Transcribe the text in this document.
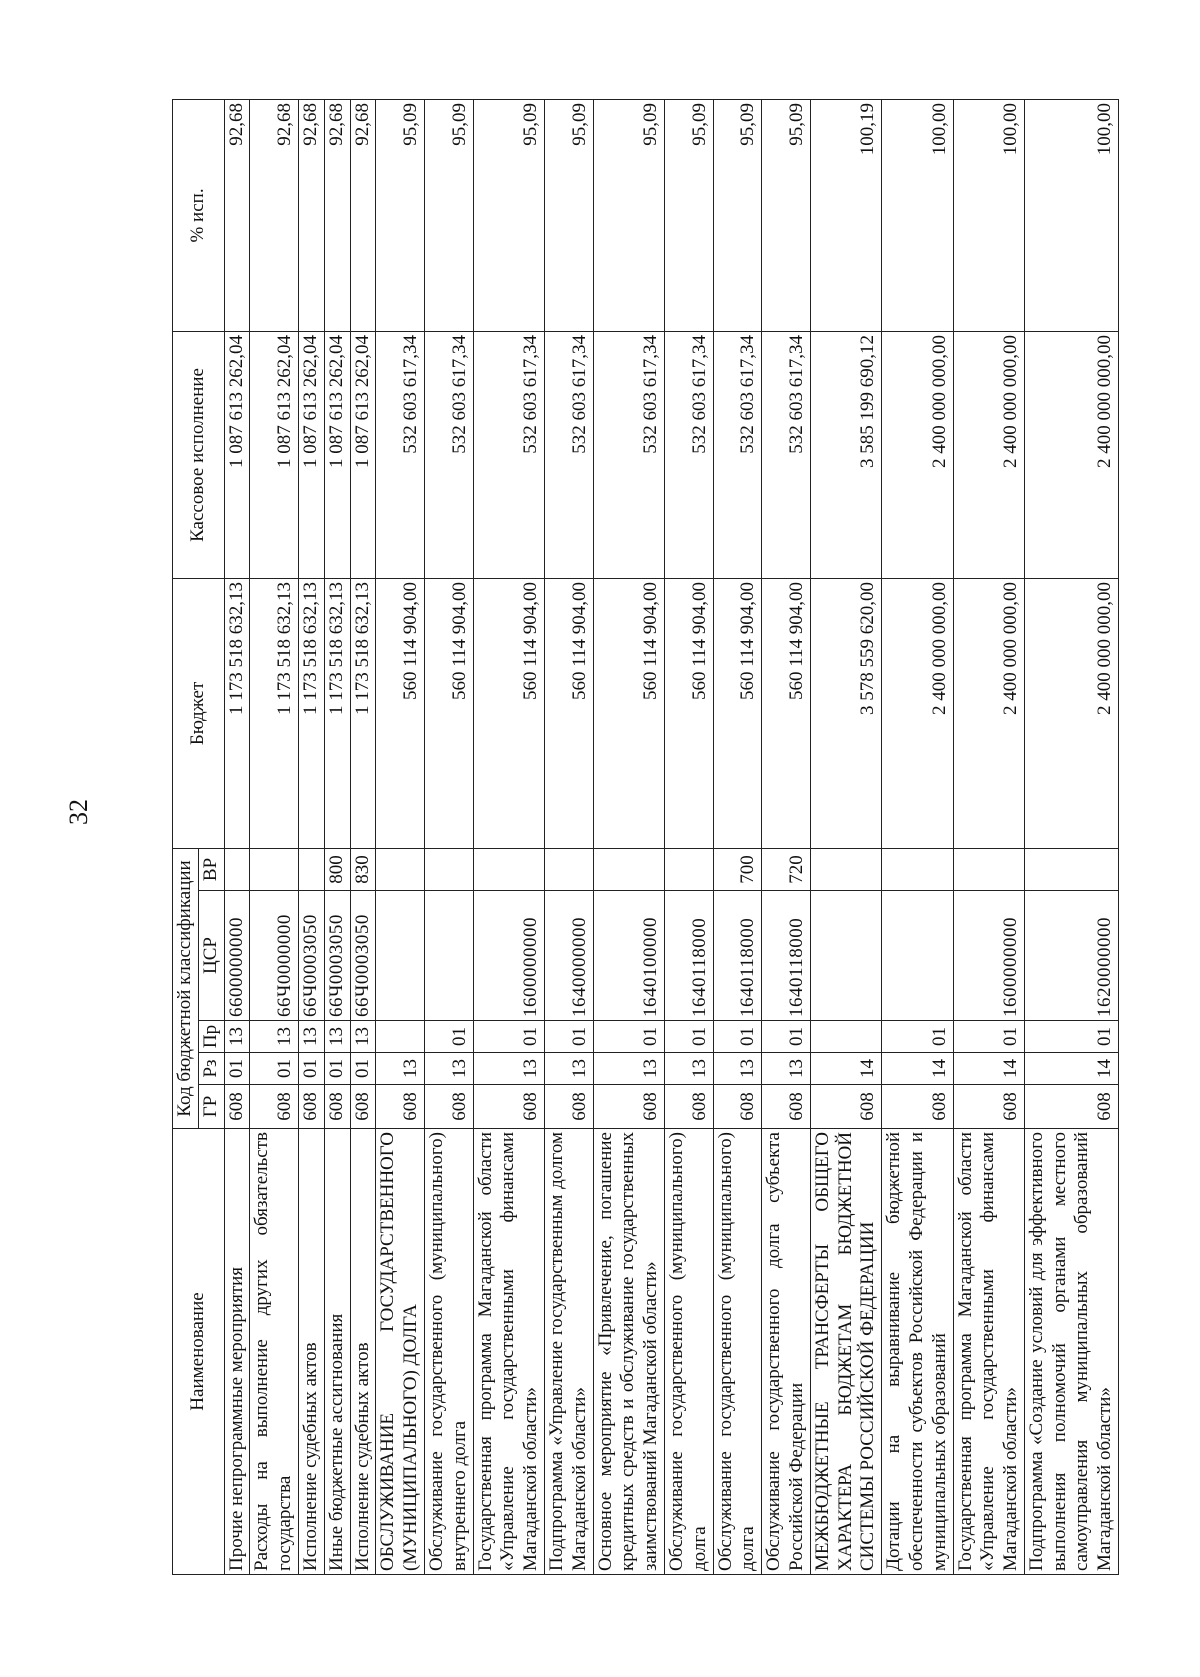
32
Наименование	Код бюджетной классификации					Бюджет	Кассовое исполнение	% исп.
	ГР	Рз	Пр	ЦСР	ВР			
Прочие непрограммные мероприятия	608	01	13	6600000000		1 173 518 632,13	1 087 613 262,04	92,68
Расходы на выполнение других обязательств государства	608	01	13	66Ч0000000		1 173 518 632,13	1 087 613 262,04	92,68
Исполнение судебных актов	608	01	13	66Ч0003050		1 173 518 632,13	1 087 613 262,04	92,68
Иные бюджетные ассигнования	608	01	13	66Ч0003050	800	1 173 518 632,13	1 087 613 262,04	92,68
Исполнение судебных актов	608	01	13	66Ч0003050	830	1 173 518 632,13	1 087 613 262,04	92,68
ОБСЛУЖИВАНИЕ ГОСУДАРСТВЕННОГО (МУНИЦИПАЛЬНОГО) ДОЛГА	608	13				560 114 904,00	532 603 617,34	95,09
Обслуживание государственного (муниципального) внутреннего долга	608	13	01			560 114 904,00	532 603 617,34	95,09
Государственная программа Магаданской области «Управление государственными финансами Магаданской области»	608	13	01	1600000000		560 114 904,00	532 603 617,34	95,09
Подпрограмма «Управление государственным долгом Магаданской области»	608	13	01	1640000000		560 114 904,00	532 603 617,34	95,09
Основное мероприятие «Привлечение, погашение кредитных средств и обслуживание государственных заимствований Магаданской области»	608	13	01	1640100000		560 114 904,00	532 603 617,34	95,09
Обслуживание государственного (муниципального) долга	608	13	01	1640118000		560 114 904,00	532 603 617,34	95,09
Обслуживание государственного (муниципального) долга	608	13	01	1640118000	700	560 114 904,00	532 603 617,34	95,09
Обслуживание государственного долга субъекта Российской Федерации	608	13	01	1640118000	720	560 114 904,00	532 603 617,34	95,09
МЕЖБЮДЖЕТНЫЕ ТРАНСФЕРТЫ ОБЩЕГО ХАРАКТЕРА БЮДЖЕТАМ БЮДЖЕТНОЙ СИСТЕМЫ РОССИЙСКОЙ ФЕДЕРАЦИИ	608	14				3 578 559 620,00	3 585 199 690,12	100,19
Дотации на выравнивание бюджетной обеспеченности субъектов Российской Федерации и муниципальных образований	608	14	01			2 400 000 000,00	2 400 000 000,00	100,00
Государственная программа Магаданской области «Управление государственными финансами Магаданской области»	608	14	01	1600000000		2 400 000 000,00	2 400 000 000,00	100,00
Подпрограмма «Создание условий для эффективного выполнения полномочий органами местного самоуправления муниципальных образований Магаданской области»	608	14	01	1620000000		2 400 000 000,00	2 400 000 000,00	100,00
